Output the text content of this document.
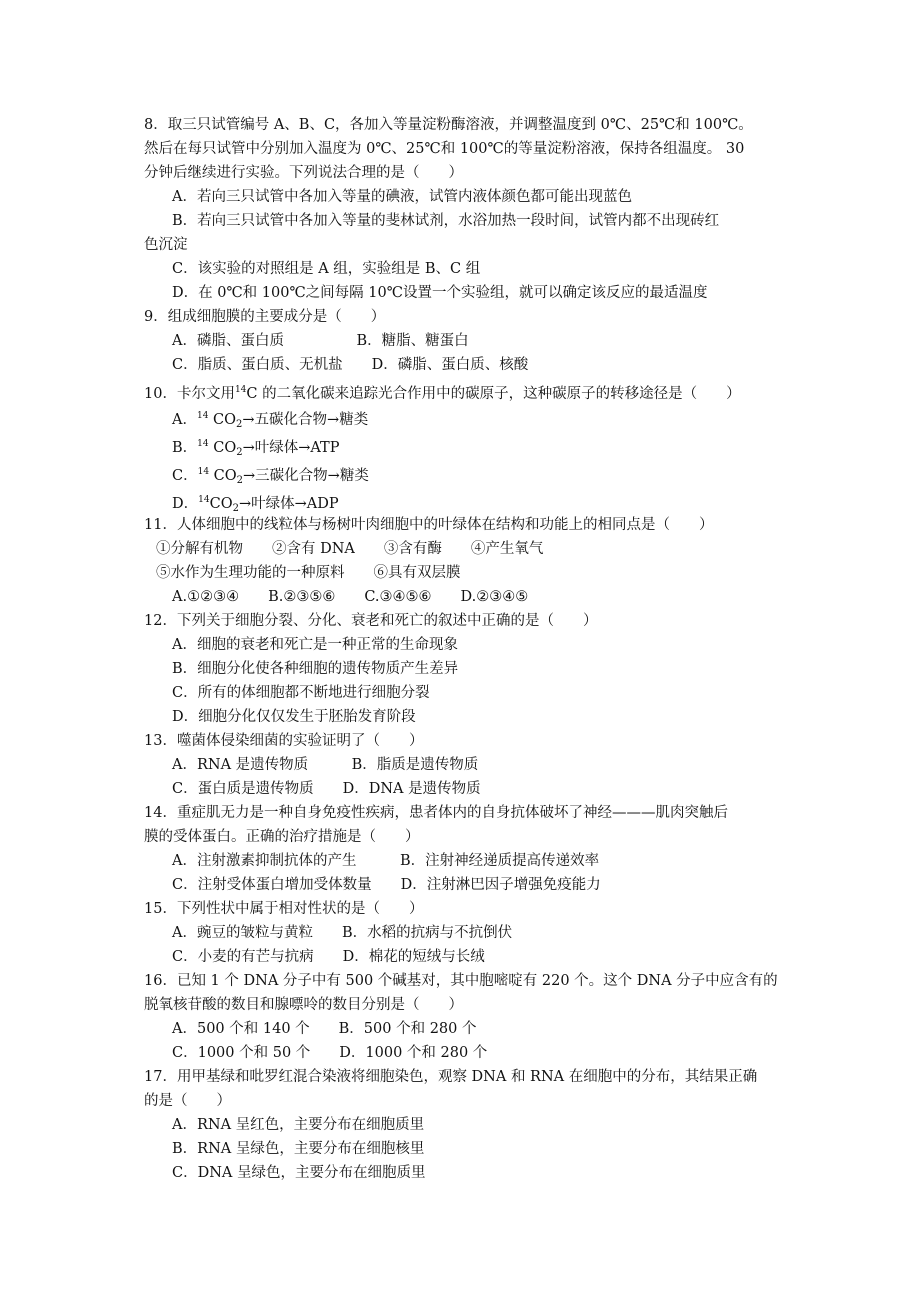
8．取三只试管编号 A、B、C，各加入等量淀粉酶溶液，并调整温度到 0℃、25℃和 100℃。
然后在每只试管中分别加入温度为 0℃、25℃和 100℃的等量淀粉溶液，保持各组温度。 30
分钟后继续进行实验。下列说法合理的是（　　）
A．若向三只试管中各加入等量的碘液，试管内液体颜色都可能出现蓝色
B．若向三只试管中各加入等量的斐林试剂，水浴加热一段时间，试管内都不出现砖红
色沉淀
C．该实验的对照组是 A 组，实验组是 B、C 组
D．在 0℃和 100℃之间每隔 10℃设置一个实验组，就可以确定该反应的最适温度
9．组成细胞膜的主要成分是（　　）
A．磷脂、蛋白质　　　　　B．糖脂、糖蛋白
C．脂质、蛋白质、无机盐　　D．磷脂、蛋白质、核酸
10．卡尔文用$^{14}$C 的二氧化碳来追踪光合作用中的碳原子，这种碳原子的转移途径是（　　）
A．$^{14}$ $CO_2\to$五碳化合物→糖类
B．$^{14}$ $CO_2\to$叶绿体→ATP
C．$^{14}$ $CO_2\to$三碳化合物→糖类
D．$^{14}CO_2\to$叶绿体→ADP
11．人体细胞中的线粒体与杨树叶肉细胞中的叶绿体在结构和功能上的相同点是（　　）
①分解有机物　　②含有 DNA　　③含有酶　　④产生氧气
⑤水作为生理功能的一种原料　　⑥具有双层膜
A.①②③④　　B.②③⑤⑥　　C.③④⑤⑥　　D.②③④⑤
12．下列关于细胞分裂、分化、衰老和死亡的叙述中正确的是（　　）
A．细胞的衰老和死亡是一种正常的生命现象
B．细胞分化使各种细胞的遗传物质产生差异
C．所有的体细胞都不断地进行细胞分裂
D．细胞分化仅仅发生于胚胎发育阶段
13．噬菌体侵染细菌的实验证明了（　　）
A．RNA 是遗传物质　　　B．脂质是遗传物质
C．蛋白质是遗传物质　　D．DNA 是遗传物质
14．重症肌无力是一种自身免疫性疾病，患者体内的自身抗体破坏了神经———肌肉突触后
膜的受体蛋白。正确的治疗措施是（　　）
A．注射激素抑制抗体的产生　　　B．注射神经递质提高传递效率
C．注射受体蛋白增加受体数量　　D．注射淋巴因子增强免疫能力
15．下列性状中属于相对性状的是（　　）
A．豌豆的皱粒与黄粒　　B．水稻的抗病与不抗倒伏
C．小麦的有芒与抗病　　D．棉花的短绒与长绒
16．已知 1 个 DNA 分子中有 500 个碱基对，其中胞嘧啶有 220 个。这个 DNA 分子中应含有的
脱氧核苷酸的数目和腺嘌呤的数目分别是（　　）
A．500 个和 140 个　　B．500 个和 280 个
C．1000 个和 50 个　　D．1000 个和 280 个
17．用甲基绿和吡罗红混合染液将细胞染色，观察 DNA 和 RNA 在细胞中的分布，其结果正确
的是（　　）
A．RNA 呈红色，主要分布在细胞质里
B．RNA 呈绿色，主要分布在细胞核里
C．DNA 呈绿色，主要分布在细胞质里
